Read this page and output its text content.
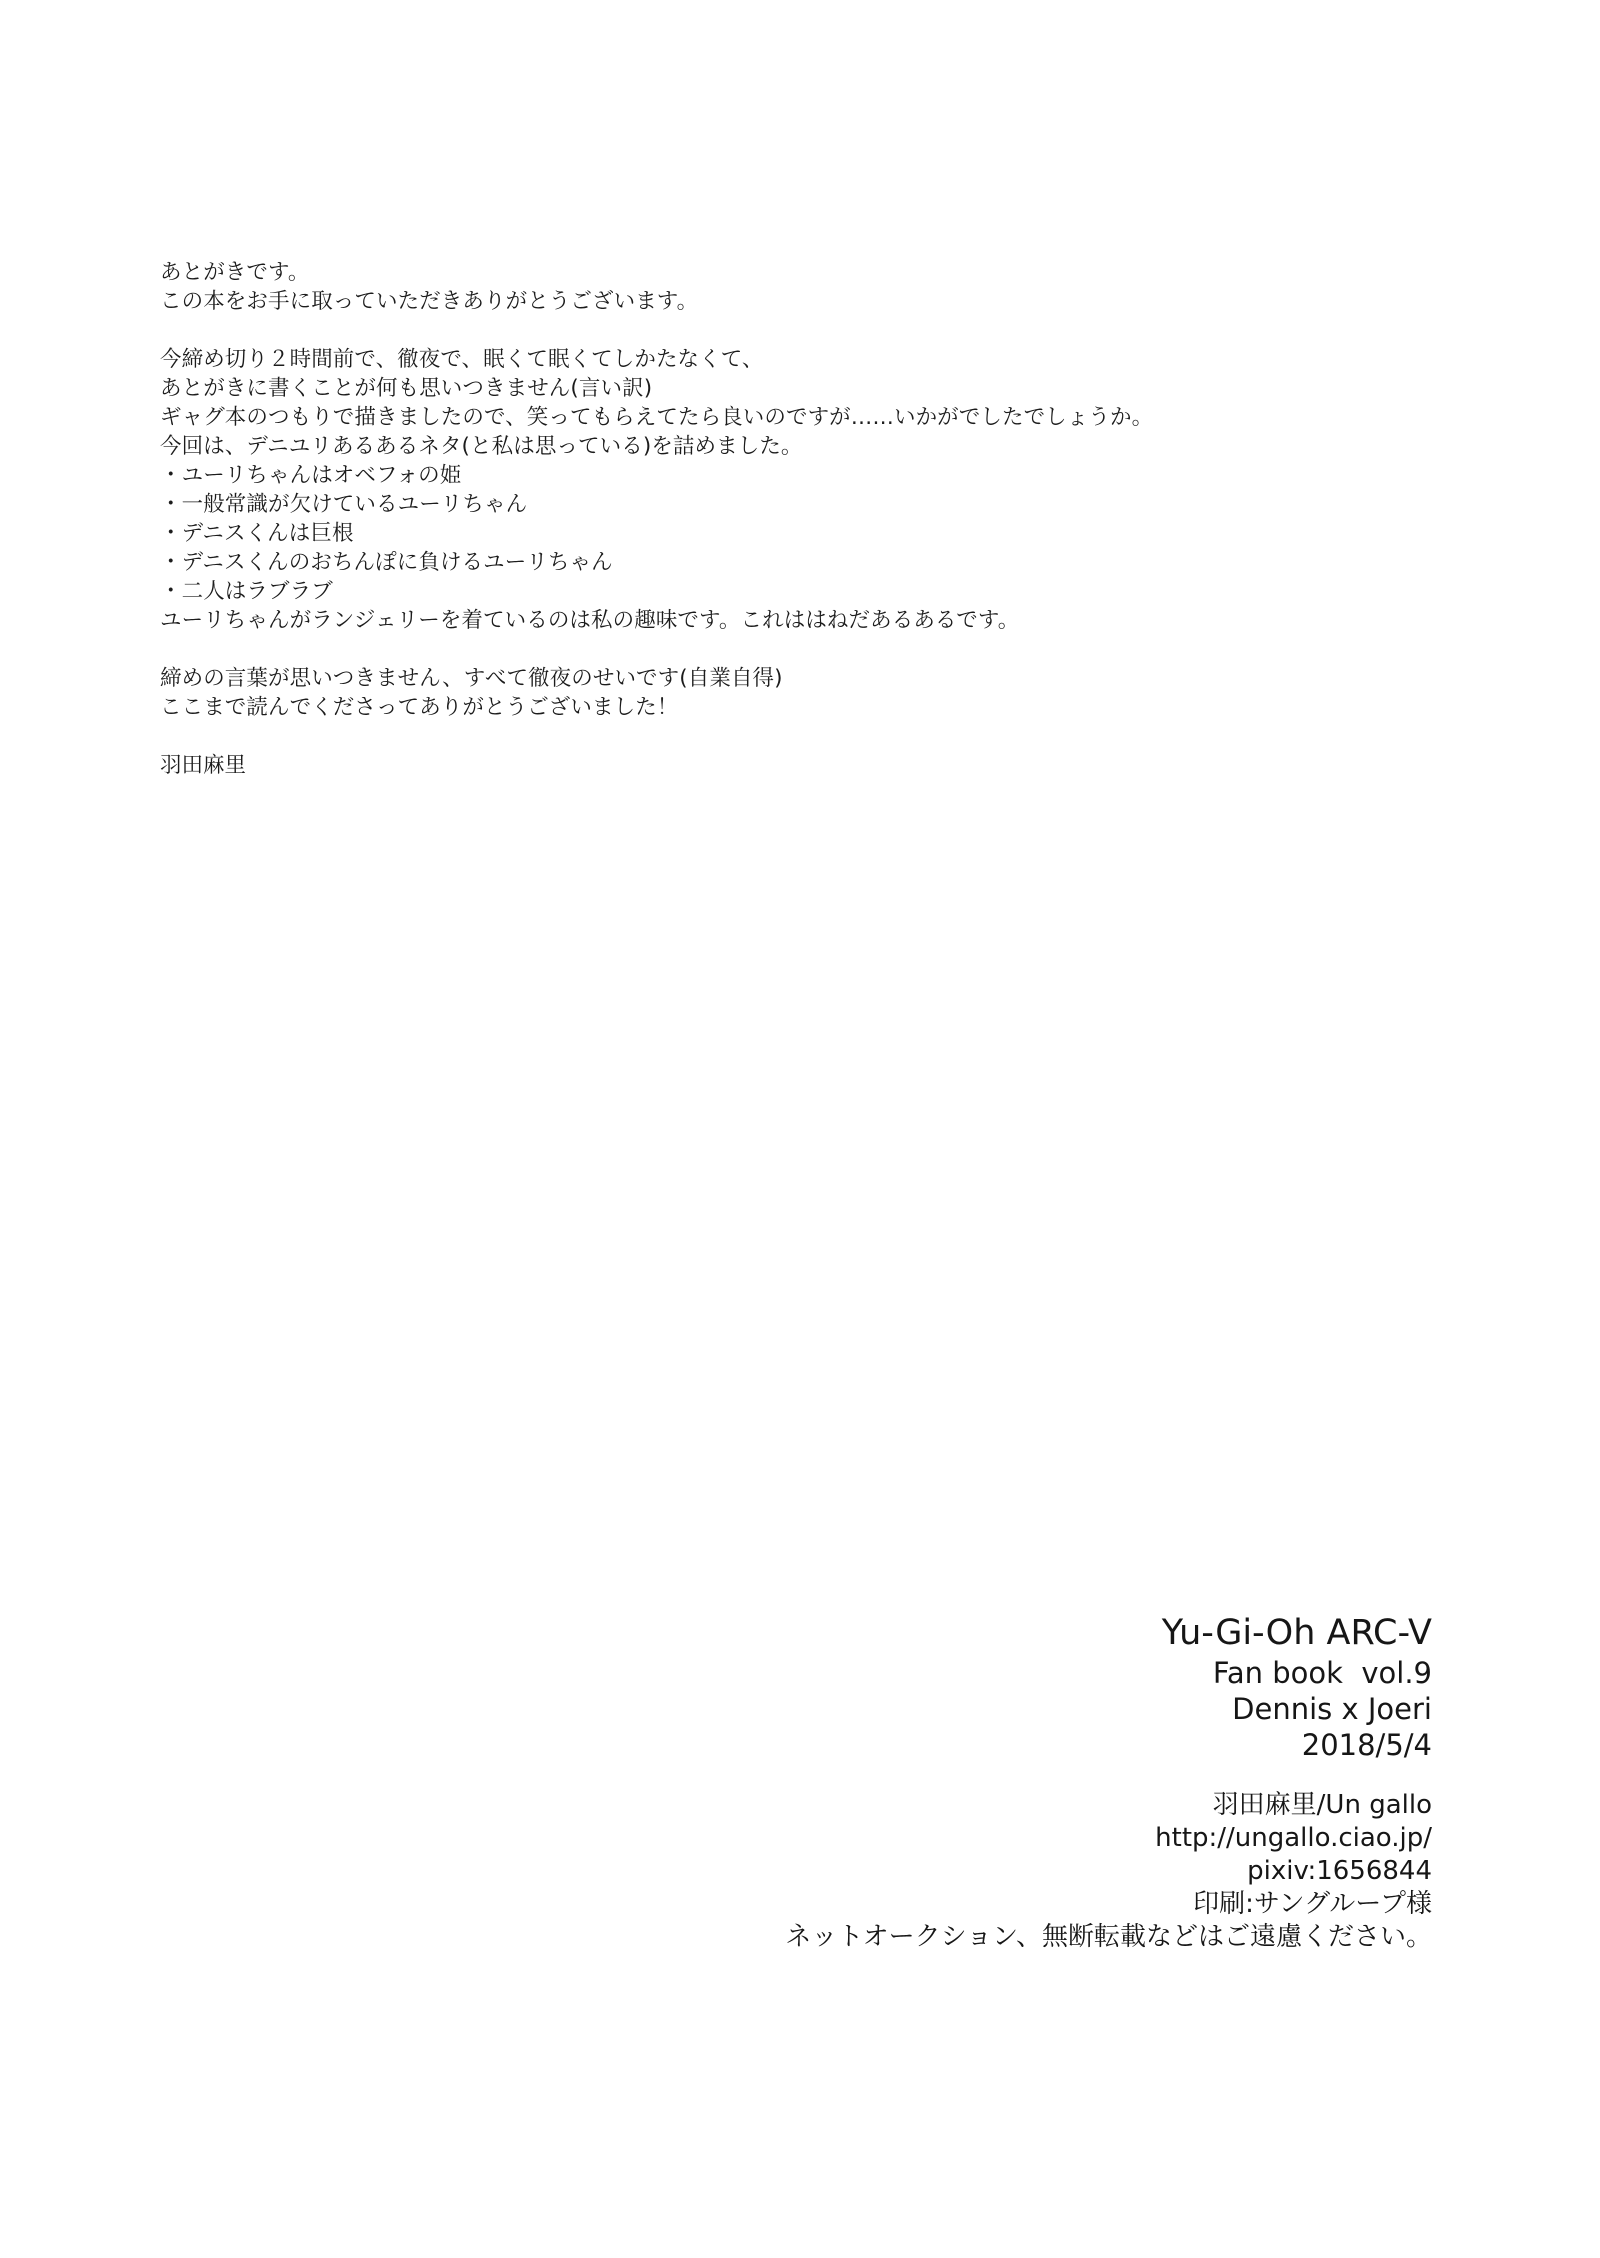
あとがきです。
この本をお手に取っていただきありがとうございます。
今締め切り２時間前で、徹夜で、眠くて眠くてしかたなくて、
あとがきに書くことが何も思いつきません(言い訳)
ギャグ本のつもりで描きましたので、笑ってもらえてたら良いのですが……いかがでしたでしょうか。
今回は、デニユリあるあるネタ(と私は思っている)を詰めました。
・ユーリちゃんはオベフォの姫
・一般常識が欠けているユーリちゃん
・デニスくんは巨根
・デニスくんのおちんぽに負けるユーリちゃん
・二人はラブラブ
ユーリちゃんがランジェリーを着ているのは私の趣味です。これははねだあるあるです。
締めの言葉が思いつきません、すべて徹夜のせいです(自業自得)
ここまで読んでくださってありがとうございました！
羽田麻里
Yu-Gi-Oh ARC-V
Fan book  vol.9
Dennis x Joeri
2018/5/4
羽田麻里/Un gallo
http://ungallo.ciao.jp/
pixiv:1656844
印刷:サングループ様
ネットオークション、無断転載などはご遠慮ください。
